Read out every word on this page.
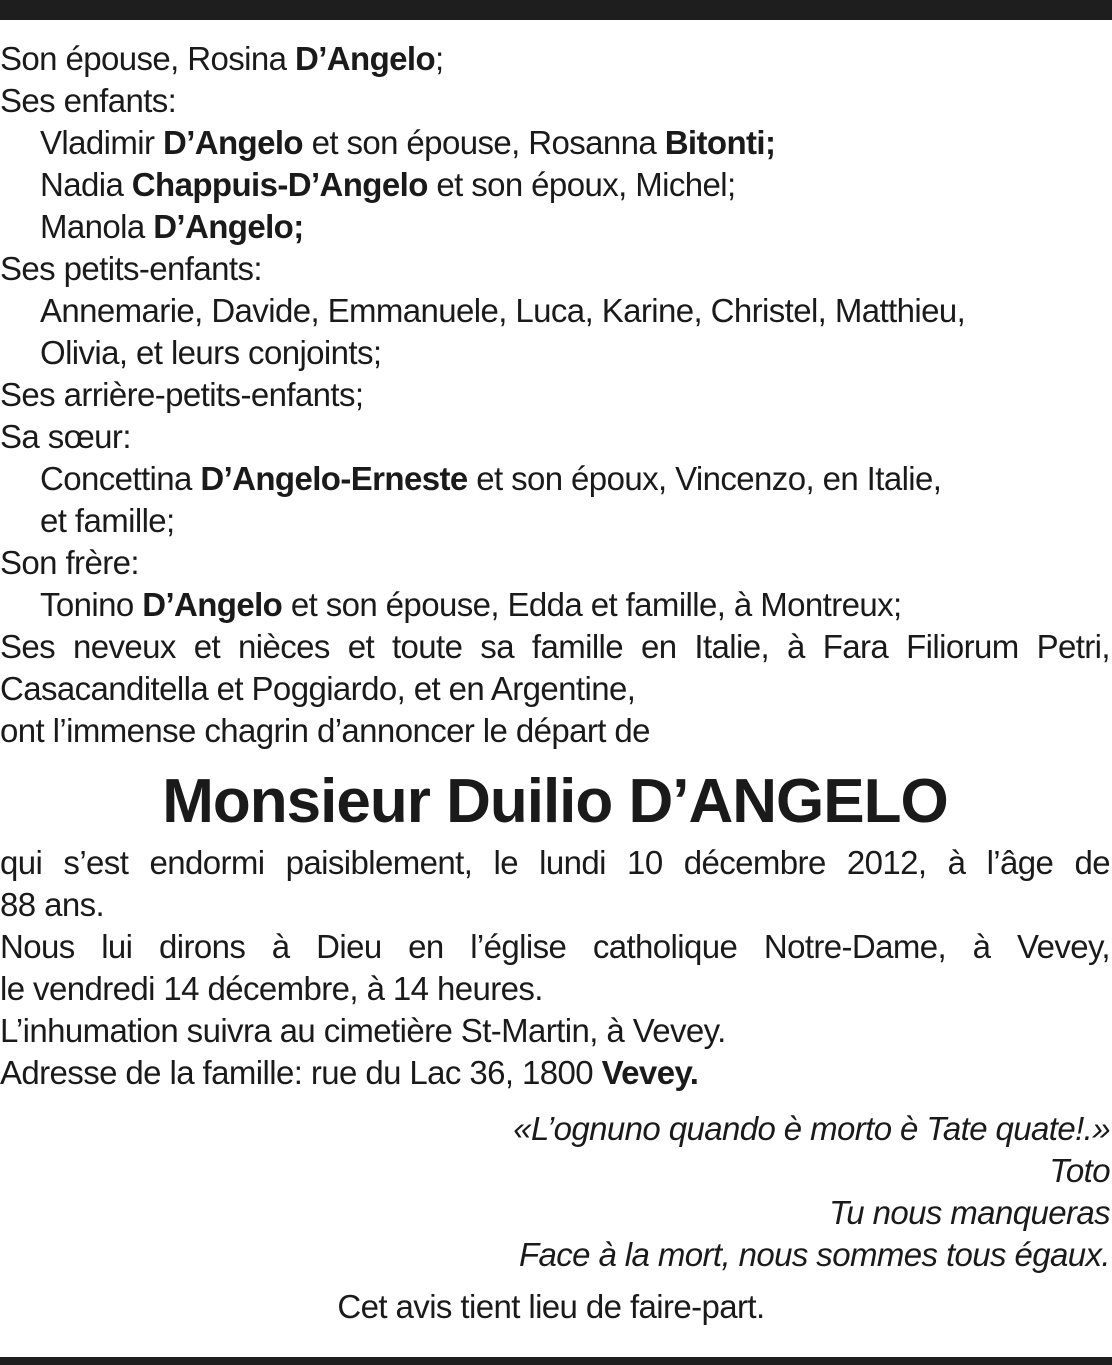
Son épouse, Rosina D’Angelo;
Ses enfants:
Vladimir D’Angelo et son épouse, Rosanna Bitonti;
Nadia Chappuis-D’Angelo et son époux, Michel;
Manola D’Angelo;
Ses petits-enfants:
Annemarie, Davide, Emmanuele, Luca, Karine, Christel, Matthieu,
Olivia, et leurs conjoints;
Ses arrière-petits-enfants;
Sa sœur:
Concettina D’Angelo-Erneste et son époux, Vincenzo, en Italie,
et famille;
Son frère:
Tonino D’Angelo et son épouse, Edda et famille, à Montreux;
Ses neveux et nièces et toute sa famille en Italie, à Fara Filiorum Petri,
Casacanditella et Poggiardo, et en Argentine,
ont l’immense chagrin d’annoncer le départ de
Monsieur Duilio D’ANGELO
qui s’est endormi paisiblement, le lundi 10 décembre 2012, à l’âge de
88 ans.
Nous lui dirons à Dieu en l’église catholique Notre-Dame, à Vevey,
le vendredi 14 décembre, à 14 heures.
L’inhumation suivra au cimetière St-Martin, à Vevey.
Adresse de la famille: rue du Lac 36, 1800 Vevey.
«L’ognuno quando è morto è Tate quate!.»
Toto
Tu nous manqueras
Face à la mort, nous sommes tous égaux.
Cet avis tient lieu de faire-part.
